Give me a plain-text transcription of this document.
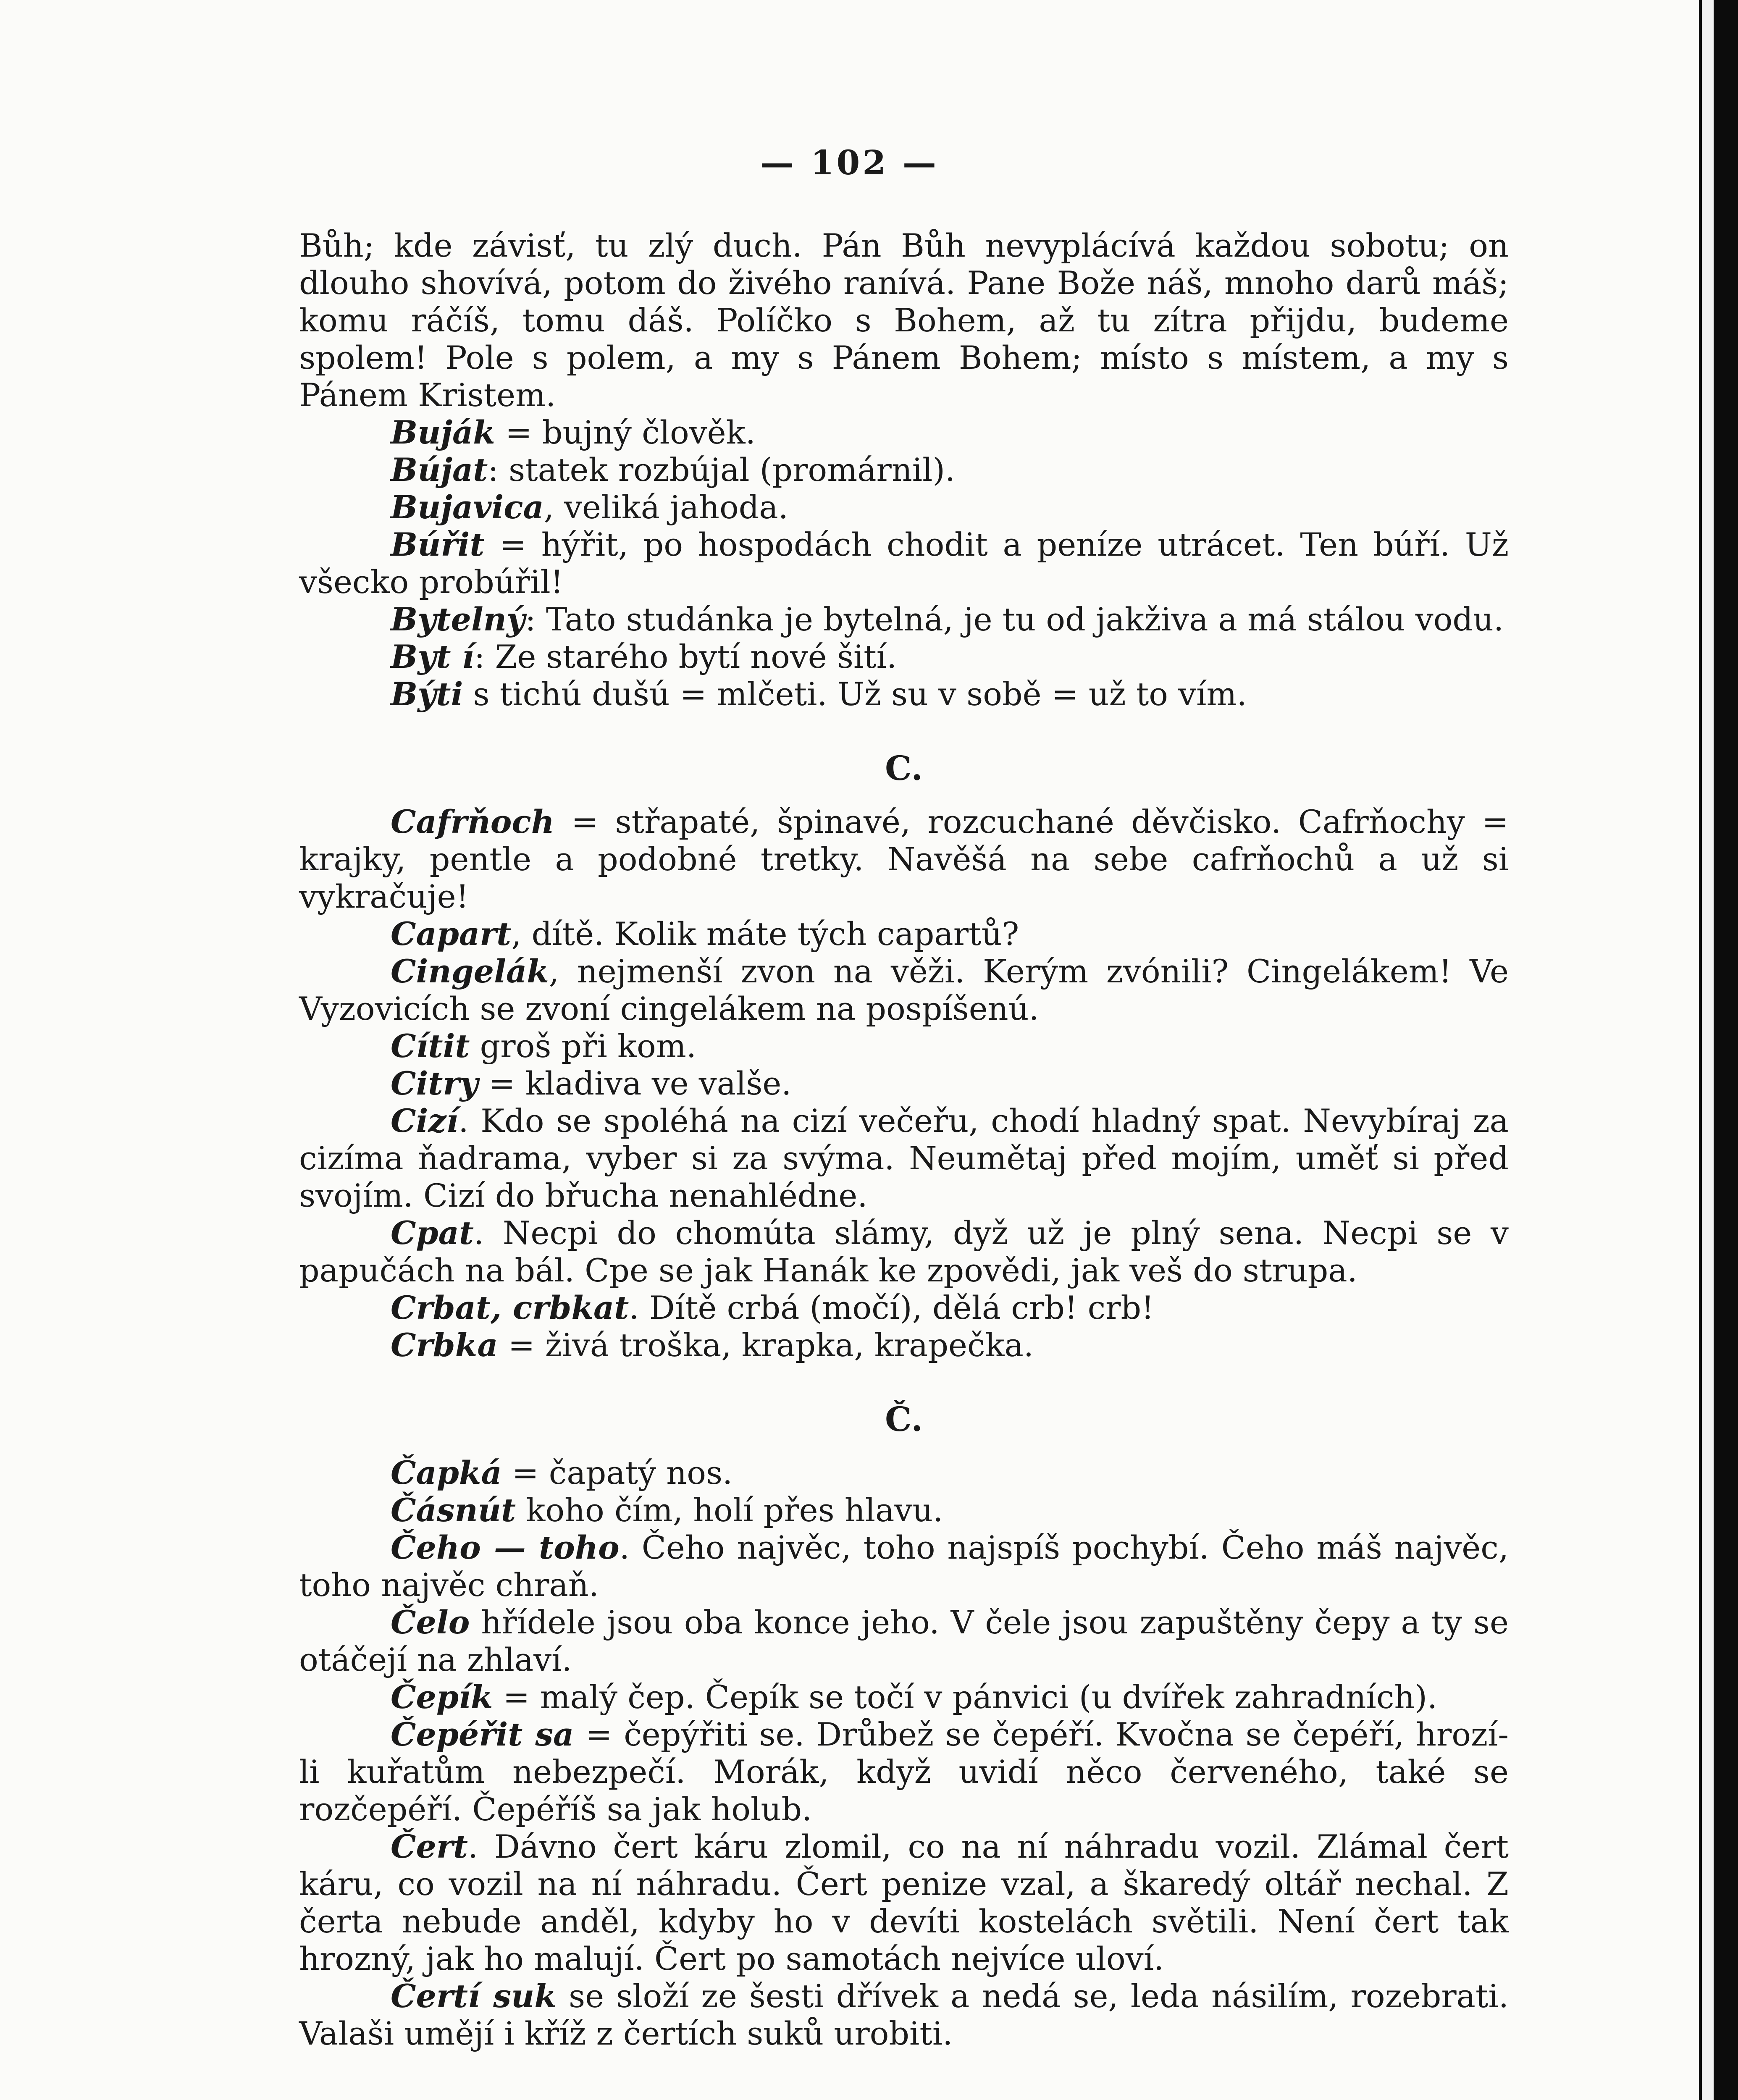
— 102 —

Bůh; kde závisť, tu zlý duch. Pán Bůh nevyplácívá každou sobotu; on dlouho shovívá, potom do živého ranívá. Pane Bože náš, mnoho darů máš; komu ráčíš, tomu dáš. Políčko s Bohem, až tu zítra přijdu, budeme spolem! Pole s polem, a my s Pánem Bohem; místo s místem, a my s Pánem Kristem.

Buják = bujný člověk.

Bújat: statek rozbújal (promárnil).

Bujavica, veliká jahoda.

Búřit = hýřit, po hospodách chodit a peníze utrácet. Ten búří. Už všecko probúřil!

Bytelný: Tato studánka je bytelná, je tu od jakživa a má stálou vodu.

Byt í: Ze starého bytí nové šití.

Býti s tichú dušú = mlčeti. Už su v sobě = už to vím.

C.

Cafrňoch = střapaté, špinavé, rozcuchané děvčisko. Cafrňochy = krajky, pentle a podobné tretky. Navěšá na sebe cafrňochů a už si vykračuje!

Capart, dítě. Kolik máte tých capartů?

Cingelák, nejmenší zvon na věži. Kerým zvónili? Cingelákem! Ve Vyzovicích se zvoní cingelákem na pospíšenú.

Cítit groš při kom.

Citry = kladiva ve valše.

Cizí. Kdo se spoléhá na cizí večeřu, chodí hladný spat. Nevybíraj za cizíma ňadrama, vyber si za svýma. Neumětaj před mojím, uměť si před svojím. Cizí do břucha nenahlédne.

Cpat. Necpi do chomúta slámy, dyž už je plný sena. Necpi se v papučách na bál. Cpe se jak Hanák ke zpovědi, jak veš do strupa.

Crbat, crbkat. Dítě crbá (močí), dělá crb! crb!

Crbka = živá troška, krapka, krapečka.

Č.

Čapká = čapatý nos.

Čásnút koho čím, holí přes hlavu.

Čeho — toho. Čeho najvěc, toho najspíš pochybí. Čeho máš najvěc, toho najvěc chraň.

Čelo hřídele jsou oba konce jeho. V čele jsou zapuštěny čepy a ty se otáčejí na zhlaví.

Čepík = malý čep. Čepík se točí v pánvici (u dvířek zahradních).

Čepéřit sa = čepýřiti se. Drůbež se čepéří. Kvočna se čepéří, hrozí-li kuřatům nebezpečí. Morák, když uvidí něco červeného, také se rozčepéří. Čepéříš sa jak holub.

Čert. Dávno čert káru zlomil, co na ní náhradu vozil. Zlámal čert káru, co vozil na ní náhradu. Čert penize vzal, a škaredý oltář nechal. Z čerta nebude anděl, kdyby ho v devíti kostelách světili. Není čert tak hrozný, jak ho malují. Čert po samotách nejvíce uloví.

Čertí suk se složí ze šesti dřívek a nedá se, leda násilím, rozebrati. Valaši umějí i kříž z čertích suků urobiti.
